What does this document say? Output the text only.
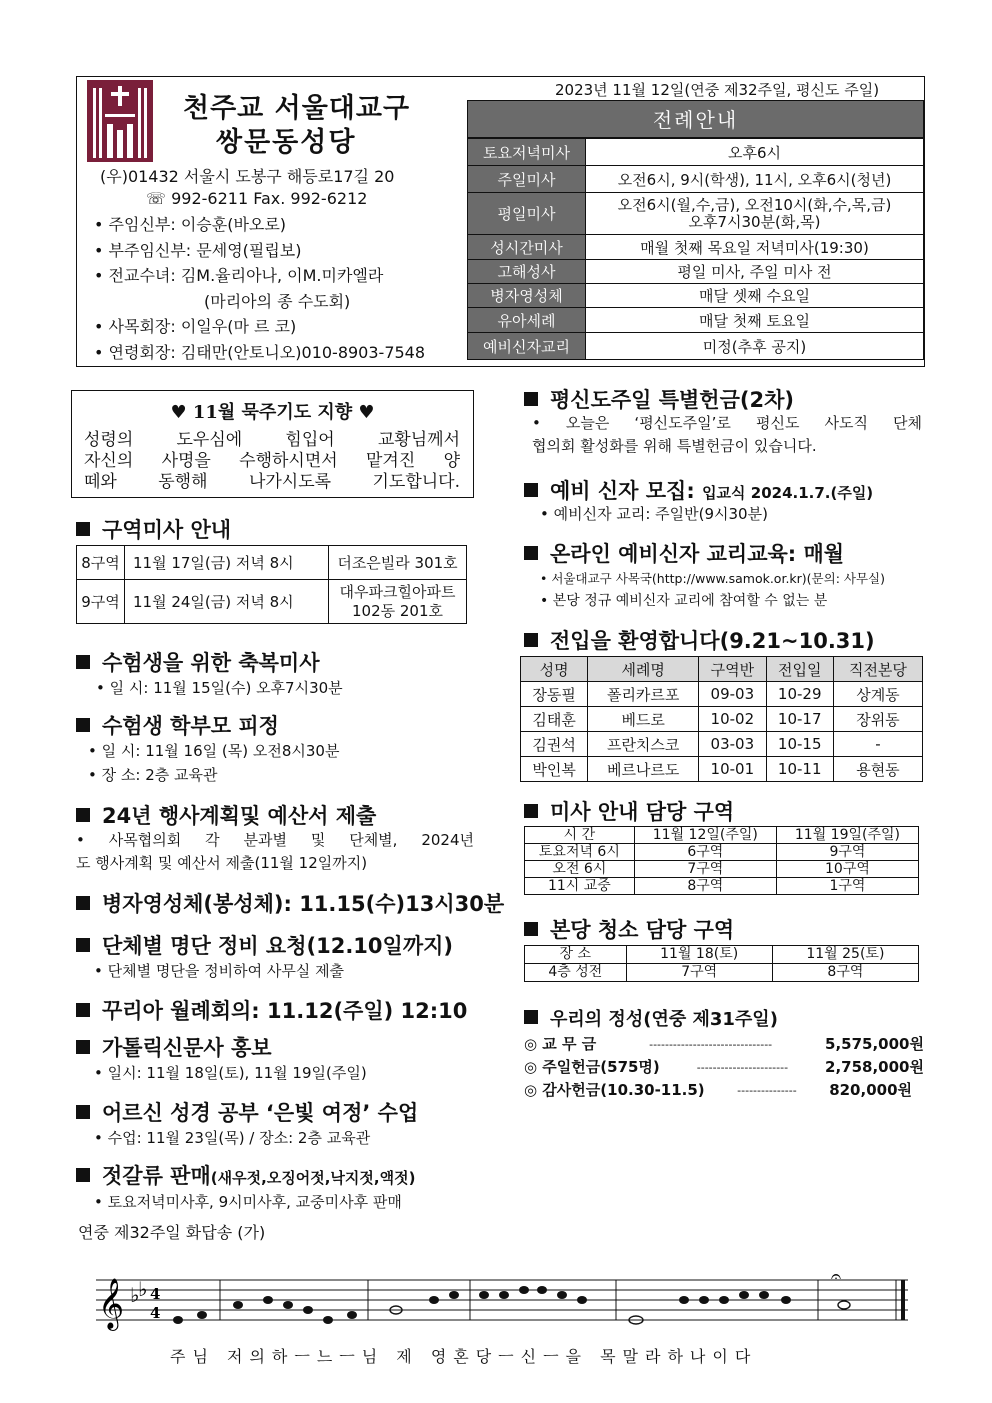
천주교 서울대교구
쌍문동성당
(우)01432 서울시 도봉구 해등로17길 20
☏ 992-6211 Fax. 992-6212
• 주임신부: 이승훈(바오로)
• 부주임신부: 문세영(필립보)
• 전교수녀: 김M.율리아나, 이M.미카엘라
(마리아의 종 수도회)
• 사목회장: 이일우(마 르 코)
• 연령회장: 김태만(안토니오)010-8903-7548
2023년 11월 12일(연중 제32주일, 평신도 주일)
전례안내
토요저녁미사	오후6시
주일미사	오전6시, 9시(학생), 11시, 오후6시(청년)
평일미사	오전6시(월,수,금), 오전10시(화,수,목,금)
오후7시30분(화,목)

성시간미사	매월 첫째 목요일 저녁미사(19:30)
고해성사	평일 미사, 주일 미사 전
병자영성체	매달 셋째 수요일
유아세례	매달 첫째 토요일
예비신자교리	미정(추후 공지)
♥ 11월 묵주기도 지향 ♥
성령의 도우심에 힘입어 교황님께서
자신의 사명을 수행하시면서 맡겨진 양
떼와 동행해 나가시도록 기도합니다.
구역미사 안내
8구역	11월 17일(금) 저녁 8시	더조은빌라 301호
9구역	11월 24일(금) 저녁 8시	대우파크힐아파트
102동 201호
수험생을 위한 축복미사
• 일 시: 11월 15일(수) 오후7시30분
수험생 학부모 피정
• 일 시: 11월 16일 (목) 오전8시30분
• 장 소: 2층 교육관
24년 행사계획및 예산서 제출
• 사목협의회 각 분과별 및 단체별, 2024년
도 행사계획 및 예산서 제출(11월 12일까지)
병자영성체(봉성체): 11.15(수)13시30분
단체별 명단 정비 요청(12.10일까지)
• 단체별 명단을 정비하여 사무실 제출
꾸리아 월례회의: 11.12(주일) 12:10
가톨릭신문사 홍보
• 일시: 11월 18일(토), 11월 19일(주일)
어르신 성경 공부 ‘은빛 여정’ 수업
• 수업: 11월 23일(목) / 장소: 2층 교육관
젓갈류 판매(새우젓,오징어젓,낙지젓,액젓)
• 토요저녁미사후, 9시미사후, 교중미사후 판매
평신도주일 특별헌금(2차)
• 오늘은 ‘평신도주일’로 평신도 사도직 단체
협의회 활성화를 위해 특별헌금이 있습니다.
예비 신자 모집: 입교식 2024.1.7.(주일)
• 예비신자 교리: 주일반(9시30분)
온라인 예비신자 교리교육: 매월
• 서울대교구 사목국(http://www.samok.or.kr)(문의: 사무실)
• 본당 정규 예비신자 교리에 참여할 수 없는 분
전입을 환영합니다(9.21~10.31)
성명	세례명	구역반	전입일	직전본당
장동필	폴리카르포	09-03	10-29	상계동
김태훈	베드로	10-02	10-17	장위동
김권석	프란치스코	03-03	10-15	-
박인복	베르나르도	10-01	10-11	용현동
미사 안내 담당 구역
시 간	11월 12일(주일)	11월 19일(주일)
토요저녁 6시	6구역	9구역
오전 6시	7구역	10구역
11시 교중	8구역	1구역
본당 청소 담당 구역
장 소	11월 18(토)	11월 25(토)
4층 성전	7구역	8구역
우리의 정성(연중 제31주일)
◎ 교 무 금	-------------------------------	5,575,000원
◎ 주일헌금(575명)	----------------------- 2,758,000원
◎ 감사헌금(10.30-11.5)	--------------- 820,000원
연중 제32주일 화답송 (가)
𝄞 ♭
♭ 4
4
𝄐
주님 저의하ㅡ느ㅡ님 제 영혼당ㅡ신ㅡ을 목말라하나이다
